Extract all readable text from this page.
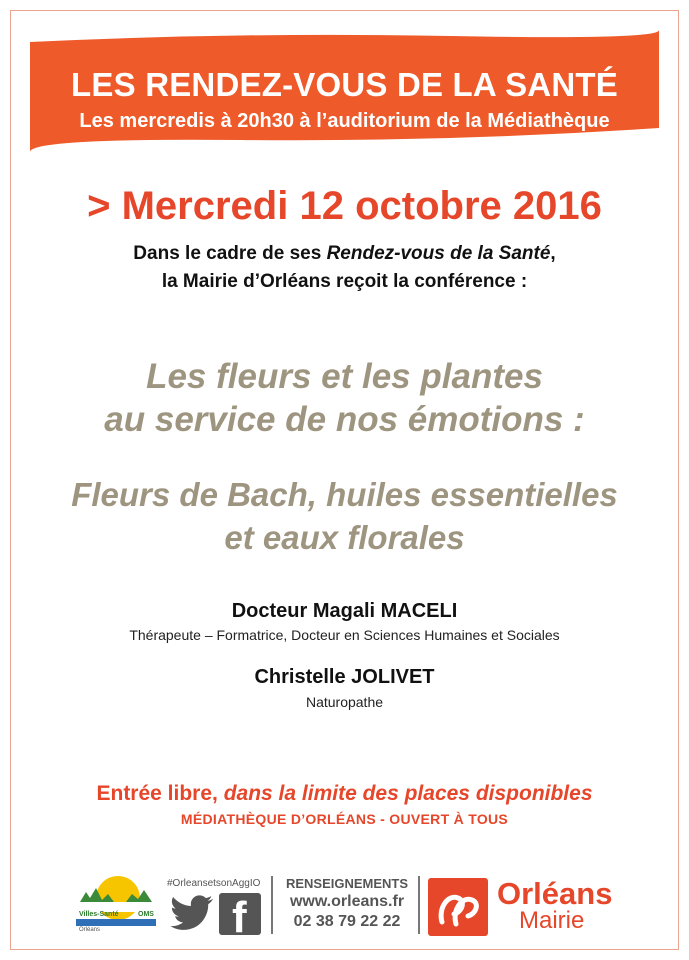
LES RENDEZ-VOUS DE LA SANTÉ
Les mercredis à 20h30 à l’auditorium de la Médiathèque
> Mercredi 12 octobre 2016
Dans le cadre de ses Rendez-vous de la Santé,
la Mairie d’Orléans reçoit la conférence :
Les fleurs et les plantes
au service de nos émotions :
Fleurs de Bach, huiles essentielles
et eaux florales
Docteur Magali MACELI
Thérapeute – Formatrice, Docteur en Sciences Humaines et Sociales
Christelle JOLIVET
Naturopathe
Entrée libre, dans la limite des places disponibles
MÉDIATHÈQUE D’ORLÉANS - OUVERT À TOUS
Villes-Santé	OMS
Orléans
#OrleansetsonAggIO
f
RENSEIGNEMENTS
www.orleans.fr
02 38 79 22 22
Orléans
Mairie
